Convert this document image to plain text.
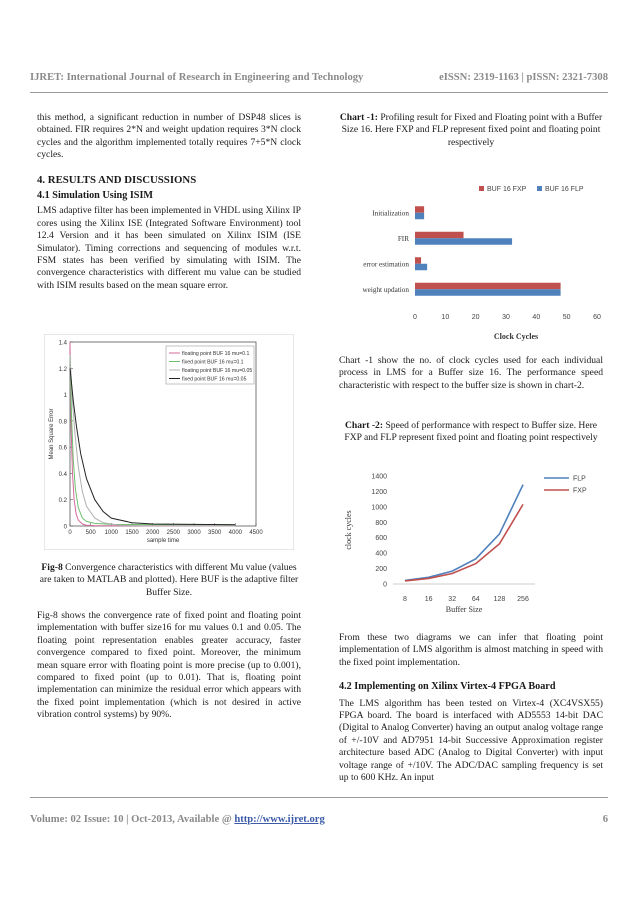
IJRET: International Journal of Research in Engineering and Technology	eISSN: 2319-1163 | pISSN: 2321-7308

this method, a significant reduction in number of DSP48 slices is obtained. FIR requires 2*N and weight updation requires 3*N clock cycles and the algorithm implemented totally requires 7+5*N clock cycles.

4. RESULTS AND DISCUSSIONS

4.1 Simulation Using ISIM

LMS adaptive filter has been implemented in VHDL using Xilinx IP cores using the Xilinx ISE (Integrated Software Environment) tool 12.4 Version and it has been simulated on Xilinx ISIM (ISE Simulator). Timing corrections and sequencing of modules w.r.t. FSM states has been verified by simulating with ISIM. The convergence characteristics with different mu value can be studied with ISIM results based on the mean square error.

0
0.2
0.4
0.6
0.8
1
1.2
1.4
0 500 1000 1500 2000 2500 3000 3500 4000 4500
sample time
Mean Square Error
floating point BUF 16 mu=0.1
fixed point BUF 16 mu=0.1
floating point BUF 16 mu=0.05
fixed point BUF 16 mu=0.05
Fig-8 Convergence characteristics with different Mu value (values are taken to MATLAB and plotted). Here BUF is the adaptive filter Buffer Size.

Fig-8 shows the convergence rate of fixed point and floating point implementation with buffer size16 for mu values 0.1 and 0.05. The floating point representation enables greater accuracy, faster convergence compared to fixed point. Moreover, the minimum mean square error with floating point is more precise (up to 0.001), compared to fixed point (up to 0.01). That is, floating point implementation can minimize the residual error which appears with the fixed point implementation (which is not desired in active vibration control systems) by 90%.

Chart -1: Profiling result for Fixed and Floating point with a Buffer Size 16. Here FXP and FLP represent fixed point and floating point respectively
BUF 16 FXP	BUF 16 FLP
Initialization
FIR
error estimation
weight updation
0	10	20	30	40	50	60
Clock Cycles

Chart -1 show the no. of clock cycles used for each individual process in LMS for a Buffer size 16. The performance speed characteristic with respect to the buffer size is shown in chart-2.

Chart -2: Speed of performance with respect to Buffer size. Here FXP and FLP represent fixed point and floating point respectively
0
200
400
600
800
1000
1200
1400
8	16 32 64 128 256
Buffer Size
clock cycles
FLP
FXP

From these two diagrams we can infer that floating point implementation of LMS algorithm is almost matching in speed with the fixed point implementation.

4.2 Implementing on Xilinx Virtex-4 FPGA Board

The LMS algorithm has been tested on Virtex-4 (XC4VSX55) FPGA board. The board is interfaced with AD5553 14-bit DAC (Digital to Analog Converter) having an output analog voltage range of +/-10V and AD7951 14-bit Successive Approximation register architecture based ADC (Analog to Digital Converter) with input voltage range of +/10V. The ADC/DAC sampling frequency is set up to 600 KHz. An input

Volume: 02 Issue: 10 | Oct-2013, Available @ http://www.ijret.org	6
